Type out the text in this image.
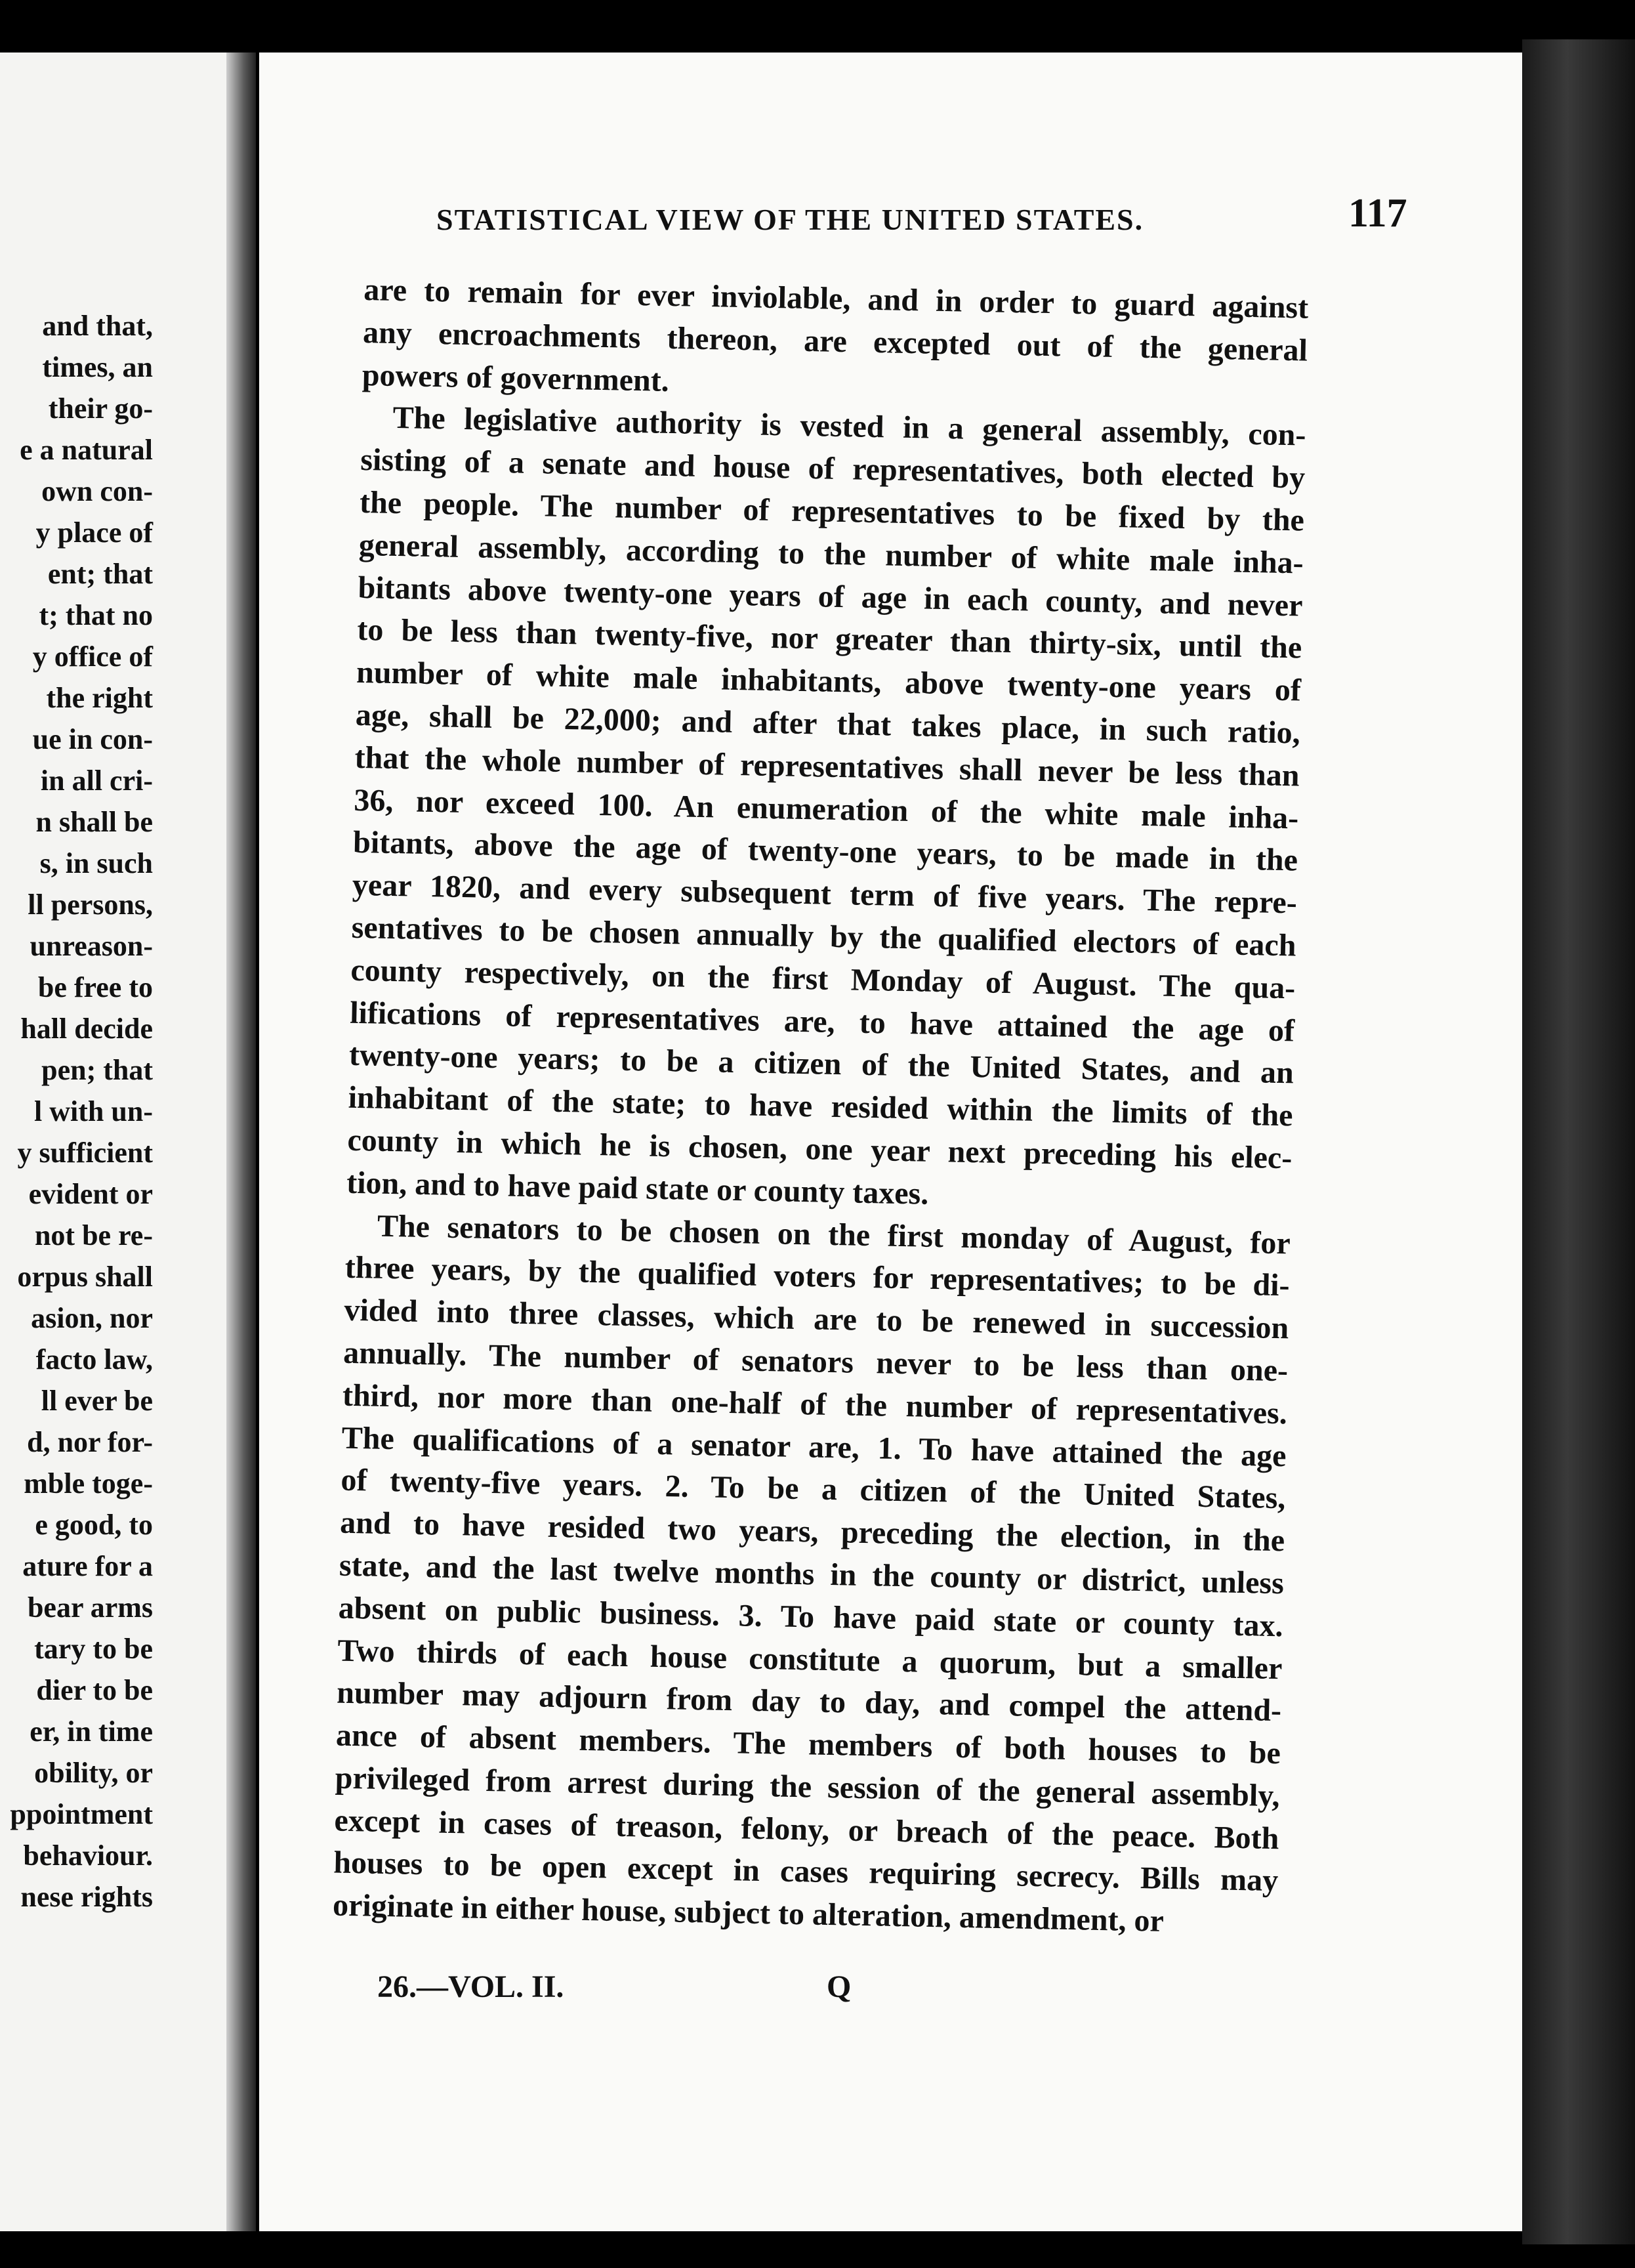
and that,
times, an
their go-
e a natural
own con-
y place of
ent; that
t; that no
y office of
the right
ue in con-
in all cri-
n shall be
s, in such
ll persons,
unreason-
be free to
hall decide
pen; that
l with un-
y sufficient
evident or
not be re-
orpus shall
asion, nor
facto law,
ll ever be
d, nor for-
mble toge-
e good, to
ature for a
bear arms
tary to be
dier to be
er, in time
obility, or
ppointment
behaviour.
nese rights
STATISTICAL VIEW OF THE UNITED STATES.	117
are to remain for ever inviolable, and in order to guard against
any encroachments thereon, are excepted out of the general
powers of government.
The legislative authority is vested in a general assembly, con-
sisting of a senate and house of representatives, both elected by
the people. The number of representatives to be fixed by the
general assembly, according to the number of white male inha-
bitants above twenty-one years of age in each county, and never
to be less than twenty-five, nor greater than thirty-six, until the
number of white male inhabitants, above twenty-one years of
age, shall be 22,000; and after that takes place, in such ratio,
that the whole number of representatives shall never be less than
36, nor exceed 100. An enumeration of the white male inha-
bitants, above the age of twenty-one years, to be made in the
year 1820, and every subsequent term of five years. The repre-
sentatives to be chosen annually by the qualified electors of each
county respectively, on the first Monday of August. The qua-
lifications of representatives are, to have attained the age of
twenty-one years; to be a citizen of the United States, and an
inhabitant of the state; to have resided within the limits of the
county in which he is chosen, one year next preceding his elec-
tion, and to have paid state or county taxes.
The senators to be chosen on the first monday of August, for
three years, by the qualified voters for representatives; to be di-
vided into three classes, which are to be renewed in succession
annually. The number of senators never to be less than one-
third, nor more than one-half of the number of representatives.
The qualifications of a senator are, 1. To have attained the age
of twenty-five years. 2. To be a citizen of the United States,
and to have resided two years, preceding the election, in the
state, and the last twelve months in the county or district, unless
absent on public business. 3. To have paid state or county tax.
Two thirds of each house constitute a quorum, but a smaller
number may adjourn from day to day, and compel the attend-
ance of absent members. The members of both houses to be
privileged from arrest during the session of the general assembly,
except in cases of treason, felony, or breach of the peace. Both
houses to be open except in cases requiring secrecy. Bills may
originate in either house, subject to alteration, amendment, or
26.—VOL. II.	Q
